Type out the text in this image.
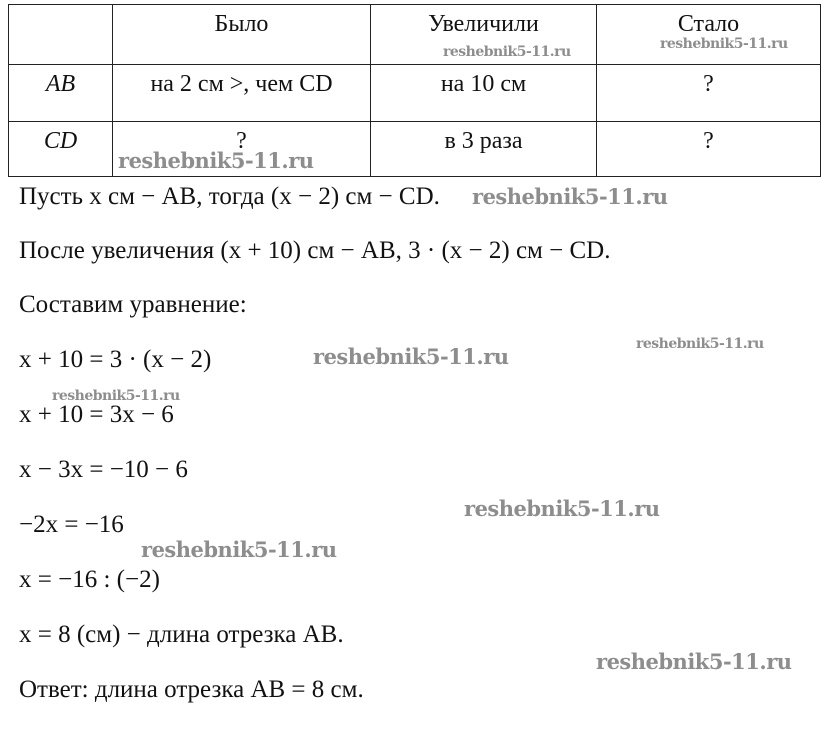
	Было	Увеличили	Стало
AB	на 2 см >, чем CD	на 10 см	?
CD	?	в 3 раза	?
Пусть x см − AB, тогда (x − 2) см − CD.
После увеличения (x + 10) см − AB, 3 · (x − 2) см − CD.
Составим уравнение:
x + 10 = 3 · (x − 2)
x + 10 = 3x − 6
x − 3x = −10 − 6
−2x = −16
x = −16 : (−2)
x = 8 (см) − длина отрезка AB.
Ответ: длина отрезка AB = 8 см.
reshebnik5-11.ru	reshebnik5-11.ru
reshebnik5-11.ru
reshebnik5-11.ru
reshebnik5-11.ru	reshebnik5-11.ru
reshebnik5-11.ru
reshebnik5-11.ru
reshebnik5-11.ru
reshebnik5-11.ru
